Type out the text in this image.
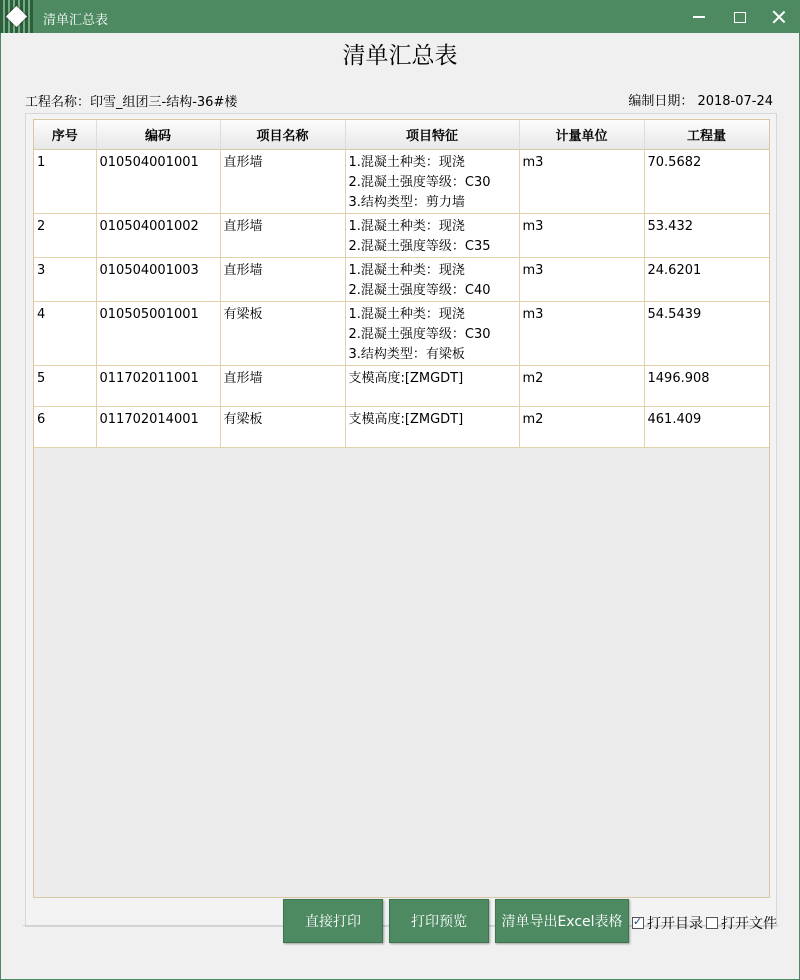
清单汇总表
清单汇总表
工程名称：印雪_组团三-结构-36#楼	编制日期： 2018-07-24
序号	编码	项目名称	项目特征	计量单位	工程量
1	010504001001	直形墙	1.混凝土种类：现浇
2.混凝土强度等级：C30
3.结构类型：剪力墙	m3	70.5682
2	010504001002	直形墙	1.混凝土种类：现浇
2.混凝土强度等级：C35	m3	53.432
3	010504001003	直形墙	1.混凝土种类：现浇
2.混凝土强度等级：C40	m3	24.6201
4	010505001001	有梁板	1.混凝土种类：现浇
2.混凝土强度等级：C30
3.结构类型：有梁板	m3	54.5439
5	011702011001	直形墙	支模高度:[ZMGDT]	m2	1496.908
6	011702014001	有梁板	支模高度:[ZMGDT]	m2	461.409
直接打印	打印预览	清单导出Excel表格 ✓	打开目录 打开文件
